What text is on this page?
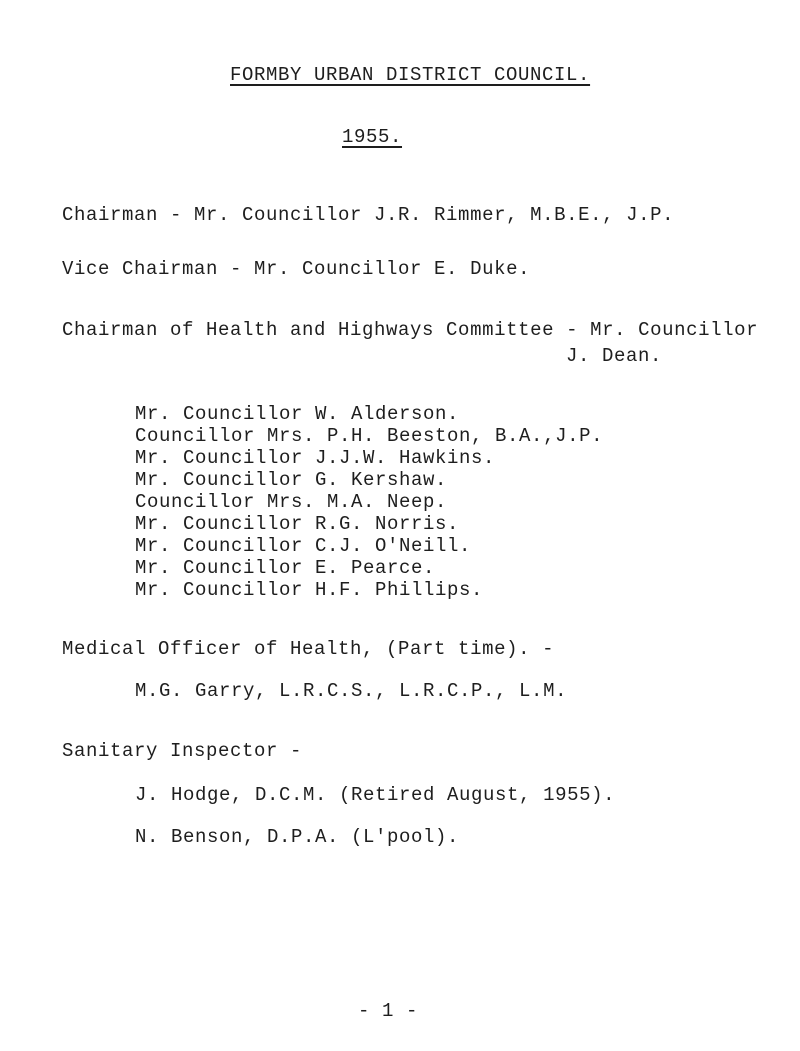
FORMBY URBAN DISTRICT COUNCIL.
1955.
Chairman - Mr. Councillor J.R. Rimmer, M.B.E., J.P.
Vice Chairman - Mr. Councillor E. Duke.
Chairman of Health and Highways Committee - Mr. Councillor
J. Dean.
Mr. Councillor W. Alderson.
Councillor Mrs. P.H. Beeston, B.A.,J.P.
Mr. Councillor J.J.W. Hawkins.
Mr. Councillor G. Kershaw.
Councillor Mrs. M.A. Neep.
Mr. Councillor R.G. Norris.
Mr. Councillor C.J. O'Neill.
Mr. Councillor E. Pearce.
Mr. Councillor H.F. Phillips.
Medical Officer of Health, (Part time). -
M.G. Garry, L.R.C.S., L.R.C.P., L.M.
Sanitary Inspector -
J. Hodge, D.C.M. (Retired August, 1955).
N. Benson, D.P.A. (L'pool).
- 1 -
